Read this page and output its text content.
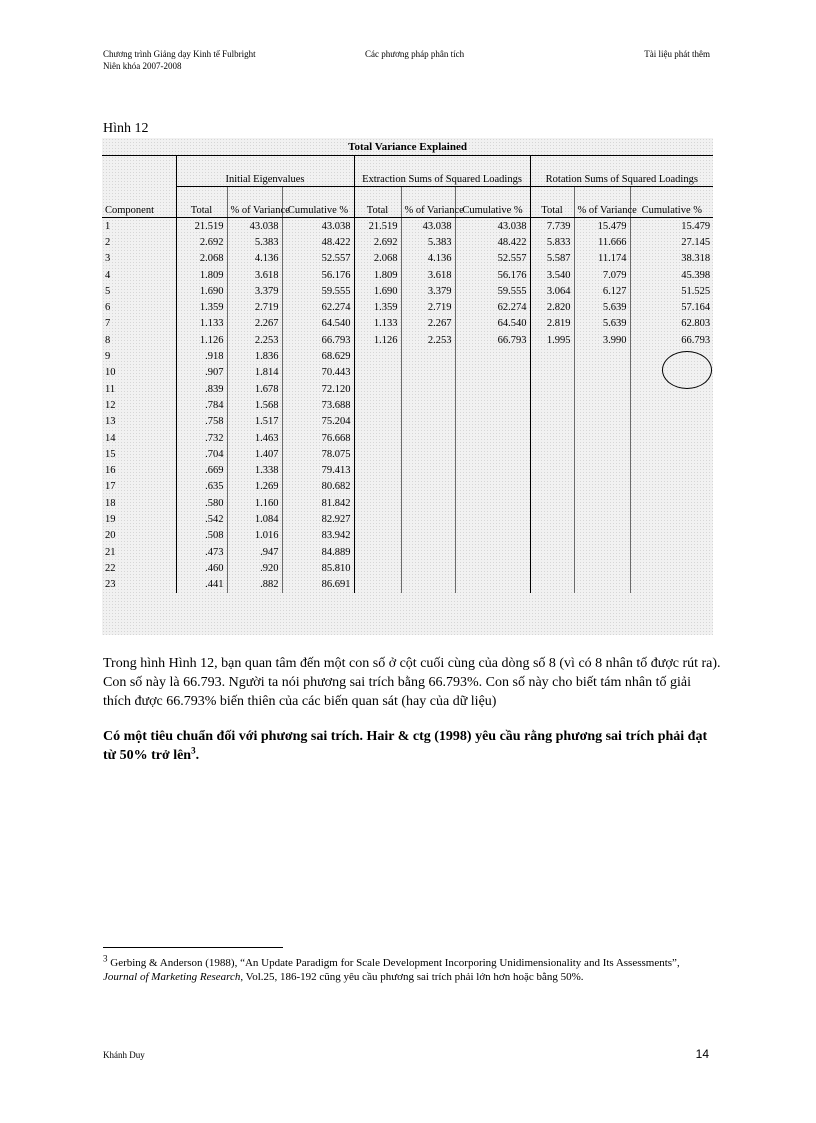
Chương trình Giảng dạy Kinh tế Fulbright
Niên khóa 2007-2008
Các phương pháp phân tích	Tài liệu phát thêm
Hình 12
Total Variance Explained									
	Initial Eigenvalues			Extraction Sums of Squared Loadings			Rotation Sums of Squared Loadings		
Component	Total	% of Variance	Cumulative %	Total	% of Variance	Cumulative %	Total	% of Variance	Cumulative %
1	21.519	43.038	43.038	21.519	43.038	43.038	7.739	15.479	15.479
2	2.692	5.383	48.422	2.692	5.383	48.422	5.833	11.666	27.145
3	2.068	4.136	52.557	2.068	4.136	52.557	5.587	11.174	38.318
4	1.809	3.618	56.176	1.809	3.618	56.176	3.540	7.079	45.398
5	1.690	3.379	59.555	1.690	3.379	59.555	3.064	6.127	51.525
6	1.359	2.719	62.274	1.359	2.719	62.274	2.820	5.639	57.164
7	1.133	2.267	64.540	1.133	2.267	64.540	2.819	5.639	62.803
8	1.126	2.253	66.793	1.126	2.253	66.793	1.995	3.990	66.793
9	.918	1.836	68.629						
10	.907	1.814	70.443						
11	.839	1.678	72.120						
12	.784	1.568	73.688						
13	.758	1.517	75.204						
14	.732	1.463	76.668						
15	.704	1.407	78.075						
16	.669	1.338	79.413						
17	.635	1.269	80.682						
18	.580	1.160	81.842						
19	.542	1.084	82.927						
20	.508	1.016	83.942						
21	.473	.947	84.889						
22	.460	.920	85.810						
23	.441	.882	86.691						

Trong hình Hình 12, bạn quan tâm đến một con số ở cột cuối cùng của dòng số 8 (vì có 8 nhân tố được rút ra). Con số này là 66.793. Người ta nói phương sai trích bằng 66.793%. Con số này cho biết tám nhân tố giải thích được 66.793% biến thiên của các biến quan sát (hay của dữ liệu)

Có một tiêu chuẩn đối với phương sai trích. Hair & ctg (1998) yêu cầu rằng phương sai trích phải đạt từ 50% trở lên$^3$.

$^3$ Gerbing & Anderson (1988), “An Update Paradigm for Scale Development Incorporing Unidimensionality and Its Assessments”, Journal of Marketing Research, Vol.25, 186-192 cũng yêu cầu phương sai trích phải lớn hơn hoặc bằng 50%.
Khánh Duy	14
